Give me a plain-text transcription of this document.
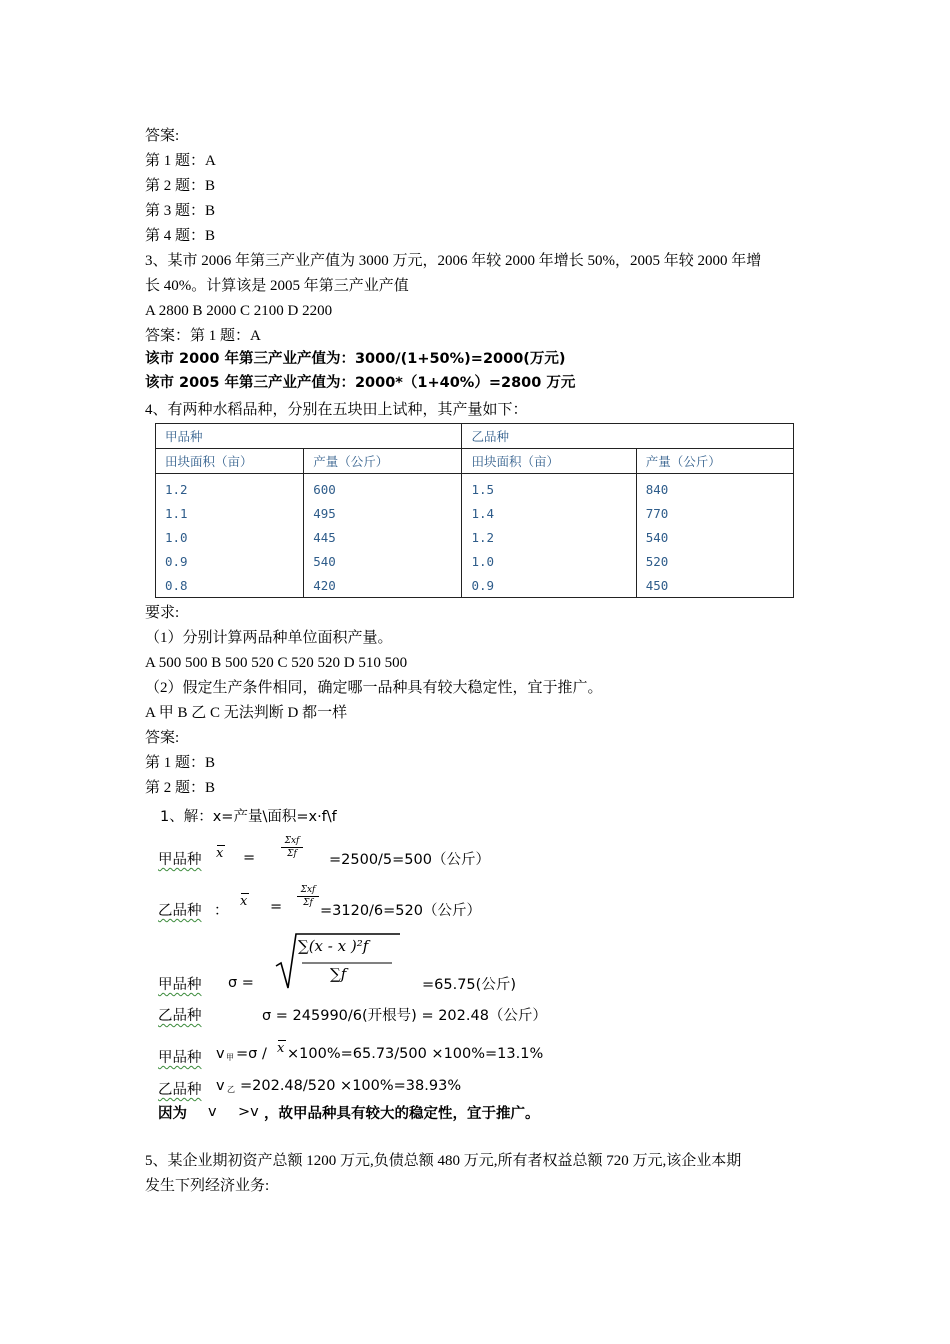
答案:
第 1 题：A
第 2 题：B
第 3 题：B
第 4 题：B
3、某市 2006 年第三产业产值为 3000 万元，2006 年较 2000 年增长 50%，2005 年较 2000 年增
长 40%。计算该是 2005 年第三产业产值
A 2800 B 2000 C 2100 D 2200
答案：第 1 题：A
该市 2000 年第三产业产值为：3000/(1+50%)=2000(万元)
该市 2005 年第三产业产值为：2000*（1+40%）=2800 万元
4、有两种水稻品种，分别在五块田上试种，其产量如下：
甲品种		乙品种	
田块面积（亩）	产量（公斤）	田块面积（亩）	产量（公斤）
1.2	600	1.5	840
1.1	495	1.4	770
1.0	445	1.2	540
0.9	540	1.0	520
0.8	420	0.9	450
要求:
（1）分别计算两品种单位面积产量。
A 500 500 B 500 520 C 520 520 D 510 500
（2）假定生产条件相同，确定哪一品种具有较大稳定性，宜于推广。
A 甲 B 乙 C 无法判断 D 都一样
答案:
第 1 题：B
第 2 题：B
1、解：x=产量\面积=x·f\f
甲品种 x =
Σxf
Σf	=2500/5=500（公斤）
乙品种 ：
x =
Σxf
Σf =3120/6=520（公斤）
甲品种 σ =
∑(x - x )²f
∑f
=65.75(公斤)
乙品种	σ = 245990/6(开根号) = 202.48（公斤）
甲品种 v 甲 =σ / x ×100%=65.73/500 ×100%=13.1%
乙品种 v 乙 =202.48/520 ×100%=38.93%
因为 v >v ，故甲品种具有较大的稳定性，宜于推广。
5、某企业期初资产总额 1200 万元,负债总额 480 万元,所有者权益总额 720 万元,该企业本期
发生下列经济业务:
